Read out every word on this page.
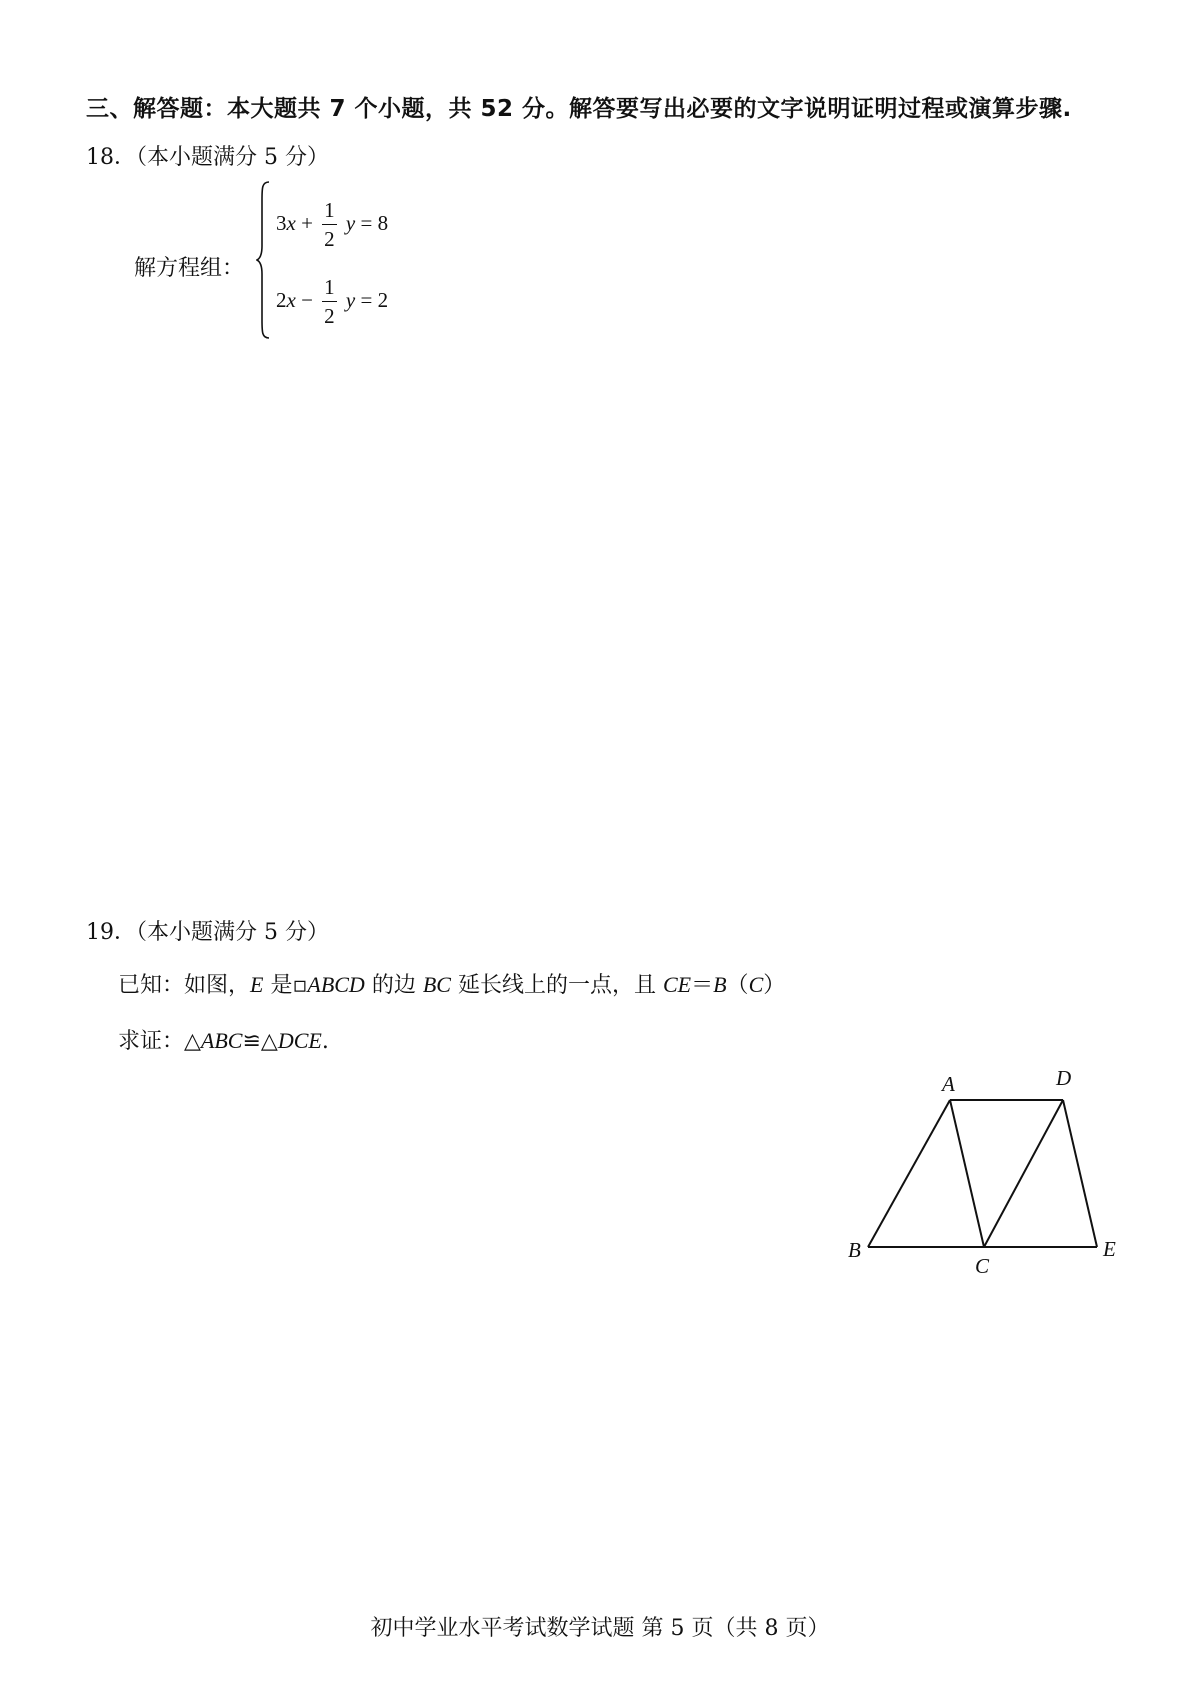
三、解答题：本大题共 7 个小题，共 52 分。解答要写出必要的文字说明证明过程或演算步骤.
18．（本小题满分 5 分）
解方程组：
$3x + \frac{1}{2}$ y = 8
$2x - \frac{1}{2}$ y = 2
19．（本小题满分 5 分）
已知：如图，E 是▫ABCD 的边 BC 延长线上的一点，且 CE＝B（C）
求证：△ABC≌△DCE.
A	D
B
C
E
初中学业水平考试数学试题 第 5 页（共 8 页）
